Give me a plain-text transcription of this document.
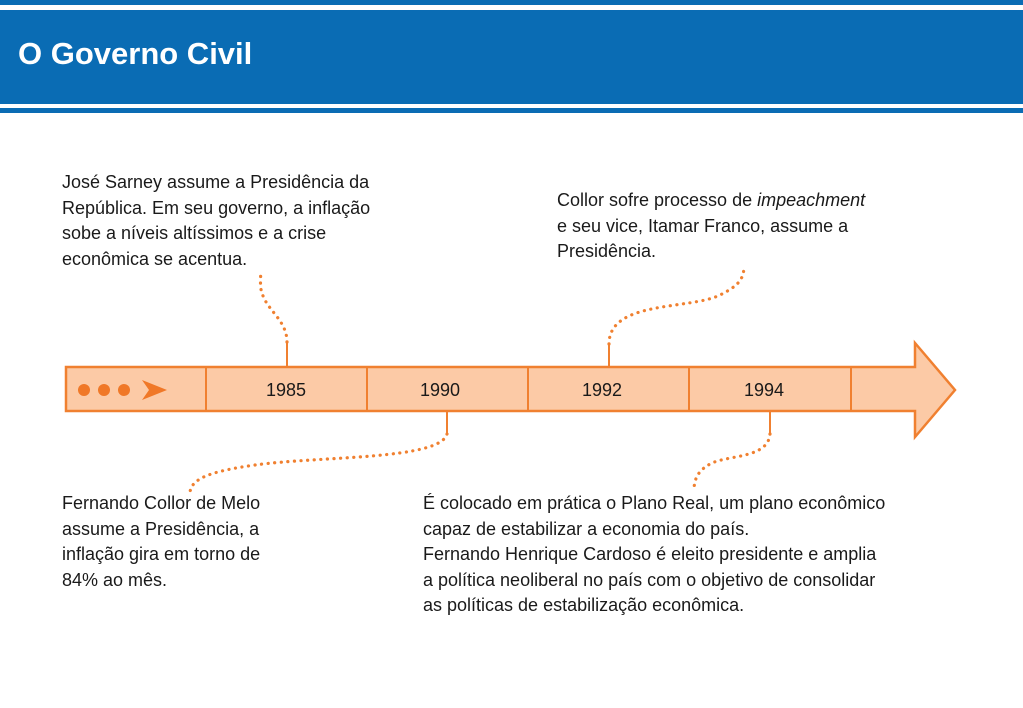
O Governo Civil
1985	1990	1992	1994
José Sarney assume a Presidência da
República. Em seu governo, a inflação
sobe a níveis altíssimos e a crise
econômica se acentua.
Collor sofre processo de impeachment
e seu vice, Itamar Franco, assume a
Presidência.
Fernando Collor de Melo
assume a Presidência, a
inflação gira em torno de
84% ao mês.
É colocado em prática o Plano Real, um plano econômico
capaz de estabilizar a economia do país.
Fernando Henrique Cardoso é eleito presidente e amplia
a política neoliberal no país com o objetivo de consolidar
as políticas de estabilização econômica.
